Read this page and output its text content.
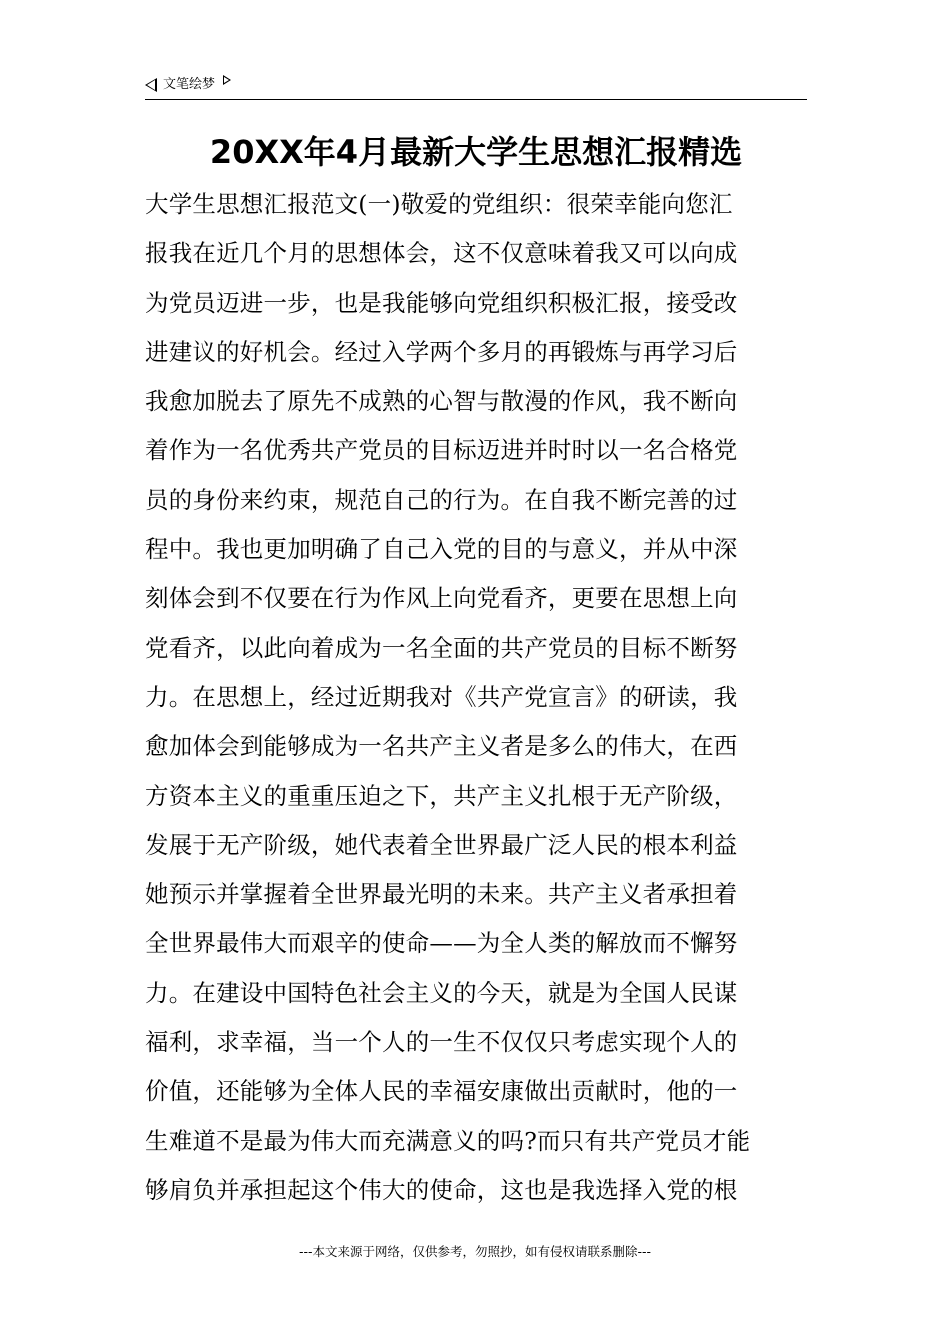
文笔绘梦
20XX年4月最新大学生思想汇报精选
大学生思想汇报范文(一)敬爱的党组织：很荣幸能向您汇
报我在近几个月的思想体会，这不仅意味着我又可以向成
为党员迈进一步，也是我能够向党组织积极汇报，接受改
进建议的好机会。经过入学两个多月的再锻炼与再学习后
我愈加脱去了原先不成熟的心智与散漫的作风，我不断向
着作为一名优秀共产党员的目标迈进并时时以一名合格党
员的身份来约束，规范自己的行为。在自我不断完善的过
程中。我也更加明确了自己入党的目的与意义，并从中深
刻体会到不仅要在行为作风上向党看齐，更要在思想上向
党看齐，以此向着成为一名全面的共产党员的目标不断努
力。在思想上，经过近期我对《共产党宣言》的研读，我
愈加体会到能够成为一名共产主义者是多么的伟大，在西
方资本主义的重重压迫之下，共产主义扎根于无产阶级，
发展于无产阶级，她代表着全世界最广泛人民的根本利益
她预示并掌握着全世界最光明的未来。共产主义者承担着
全世界最伟大而艰辛的使命——为全人类的解放而不懈努
力。在建设中国特色社会主义的今天，就是为全国人民谋
福利，求幸福，当一个人的一生不仅仅只考虑实现个人的
价值，还能够为全体人民的幸福安康做出贡献时，他的一
生难道不是最为伟大而充满意义的吗?而只有共产党员才能
够肩负并承担起这个伟大的使命，这也是我选择入党的根
---本文来源于网络，仅供参考，勿照抄，如有侵权请联系删除---
